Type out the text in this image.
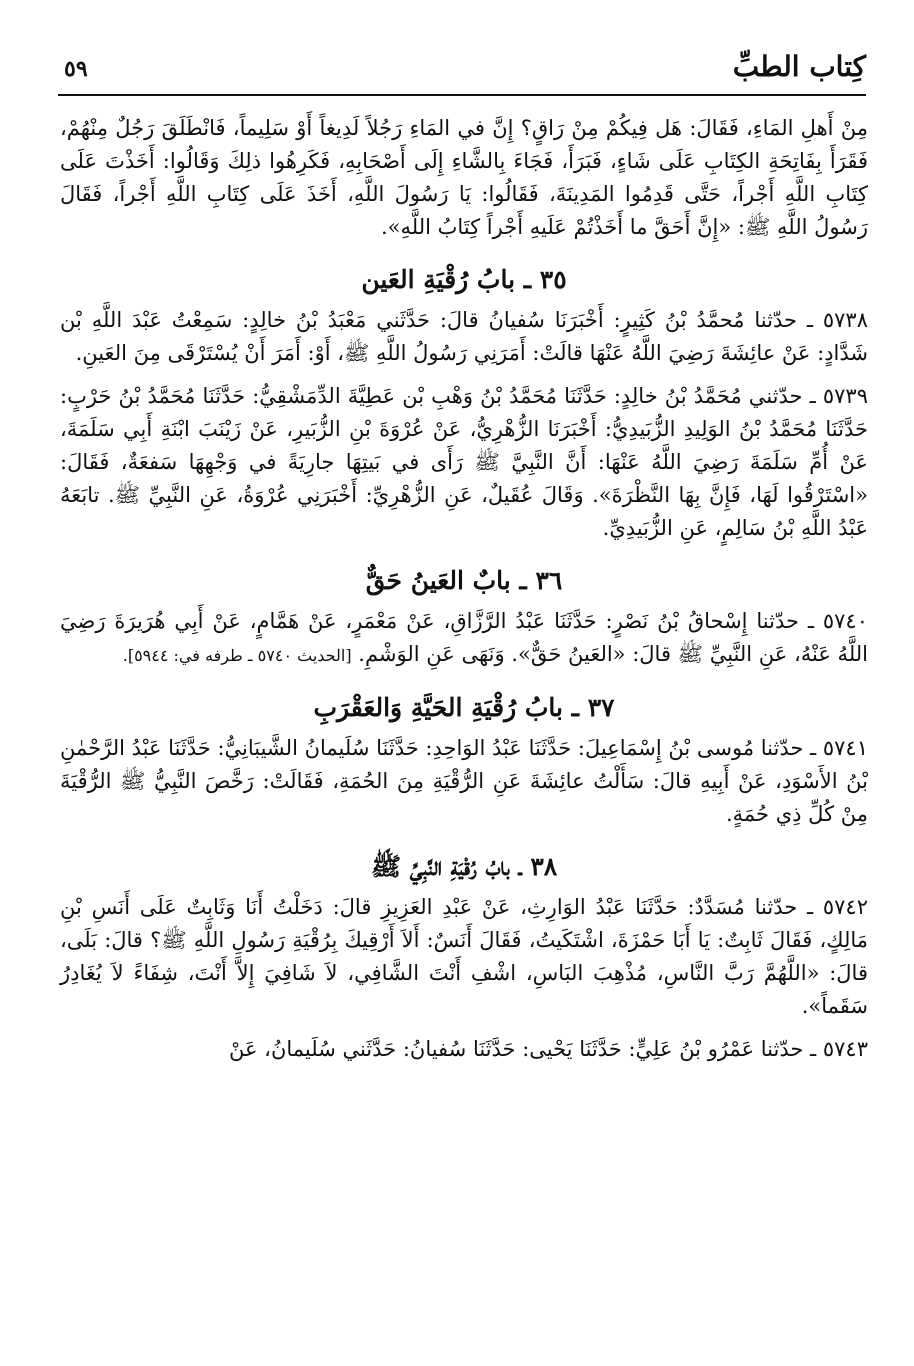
كِتاب الطبِّ
٥٩

مِنْ أَهلِ المَاءِ، فَقَالَ: هَل فِيكُمْ مِنْ رَاقٍ؟ إِنَّ في المَاءِ رَجُلاً لَدِيغاً أَوْ سَلِيماً، فَانْطَلَقَ رَجُلٌ مِنْهُمْ، فَقَرَأَ بِفَاتِحَةِ الكِتَابِ عَلَى شَاءٍ، فَبَرَأَ، فَجَاءَ بِالشَّاءِ إِلَى أَصْحَابِهِ، فَكَرِهُوا ذلِكَ وَقَالُوا: أَخَذْتَ عَلَى كِتَابِ اللَّهِ أَجْراً، حَتَّى قَدِمُوا المَدِينَةَ، فَقَالُوا: يَا رَسُولَ اللَّهِ، أَخَذَ عَلَى كِتَابِ اللَّهِ أَجْراً، فَقَالَ رَسُولُ اللَّهِ ﷺ: «إِنَّ أَحَقَّ ما أَخَذْتُمْ عَلَيهِ أَجْراً كِتَابُ اللَّهِ».

٣٥ ـ بابُ رُقْيَةِ العَين

٥٧٣٨ ـ حدّثنا مُحمَّدُ بْنُ كَثِيرٍ: أَخْبَرَنَا سُفيانُ قالَ: حَدَّثَني مَعْبَدُ بْنُ خالِدٍ: سَمِعْتُ عَبْدَ اللَّهِ بْن شَدَّادٍ: عَنْ عائِشَةَ رَضِيَ اللَّهُ عَنْهَا قالَتْ: أَمَرَنِي رَسُولُ اللَّهِ ﷺ، أَوْ: أَمَرَ أَنْ يُسْتَرْقَى مِنَ العَينِ.

٥٧٣٩ ـ حدّثني مُحَمَّدُ بْنُ خالِدٍ: حَدَّثَنَا مُحَمَّدُ بْنُ وَهْبِ بْن عَطِيَّةَ الدِّمَشْقِيُّ: حَدَّثَنَا مُحَمَّدُ بْنُ حَرْبٍ: حَدَّثَنَا مُحَمَّدُ بْنُ الوَلِيدِ الزُّبَيدِيُّ: أَخْبَرَنَا الزُّهْرِيُّ، عَنْ عُرْوَةَ بْنِ الزُّبَيرِ، عَنْ زَيْنَبَ ابْنَةِ أَبِي سَلَمَةَ، عَنْ أُمِّ سَلَمَةَ رَضِيَ اللَّهُ عَنْهَا: أَنَّ النَّبِيَّ ﷺ رَأَى في بَيتِهَا جارِيَةً في وَجْهِهَا سَفعَةٌ، فَقَالَ: «اسْتَرْقُوا لَهَا، فَإِنَّ بِهَا النَّظْرَةَ». وَقَالَ عُقَيلٌ، عَنِ الزُّهْرِيِّ: أَخْبَرَنِي عُرْوَةُ، عَنِ النَّبِيِّ ﷺ. تابَعَهُ عَبْدُ اللَّهِ بْنُ سَالِمٍ، عَنِ الزُّبَيدِيِّ.

٣٦ ـ بابٌ العَينُ حَقٌّ

٥٧٤٠ ـ حدّثنا إِسْحاقُ بْنُ نَصْرٍ: حَدَّثَنَا عَبْدُ الرَّزَّاقِ، عَنْ مَعْمَرٍ، عَنْ هَمَّامٍ، عَنْ أَبِي هُرَيرَةَ رَضِيَ اللَّهُ عَنْهُ، عَنِ النَّبِيِّ ﷺ قالَ: «العَينُ حَقٌّ». وَنَهَى عَنِ الوَشْمِ. [الحديث ٥٧٤٠ ـ طرفه في: ٥٩٤٤].

٣٧ ـ بابُ رُقْيَةِ الحَيَّةِ وَالعَقْرَبِ

٥٧٤١ ـ حدّثنا مُوسى بْنُ إِسْمَاعِيلَ: حَدَّثَنَا عَبْدُ الوَاحِدِ: حَدَّثَنَا سُلَيمانُ الشَّيبَانِيُّ: حَدَّثَنَا عَبْدُ الرَّحْمٰنِ بْنُ الأَسْوَدِ، عَنْ أَبِيهِ قالَ: سَأَلْتُ عائِشَةَ عَنِ الرُّقْيَةِ مِنَ الحُمَةِ، فَقَالَتْ: رَخَّصَ النَّبِيُّ ﷺ الرُّقْيَةَ مِنْ كُلِّ ذِي حُمَةٍ.

٣٨ ـ بابُ رُقْيَةِ النَّبِيِّ ﷺ

٥٧٤٢ ـ حدّثنا مُسَدَّدٌ: حَدَّثَنَا عَبْدُ الوَارِثِ، عَنْ عَبْدِ العَزِيزِ قالَ: دَخَلْتُ أَنَا وَثَابِتٌ عَلَى أَنَسِ بْنِ مَالِكٍ، فَقَالَ ثَابِتٌ: يَا أَبَا حَمْزَةَ، اشْتَكَيتُ، فَقَالَ أَنَسٌ: أَلاَ أَرْقِيكَ بِرُقْيَةِ رَسُولِ اللَّهِ ﷺ؟ قالَ: بَلَى، قالَ: «اللَّهُمَّ رَبَّ النَّاسِ، مُذْهِبَ البَاسِ، اشْفِ أَنْتَ الشَّافِي، لاَ شَافِيَ إِلاَّ أَنْتَ، شِفَاءً لاَ يُغَادِرُ سَقَماً».

٥٧٤٣ ـ حدّثنا عَمْرُو بْنُ عَلِيٍّ: حَدَّثَنَا يَحْيى: حَدَّثَنَا سُفيانُ: حَدَّثَني سُلَيمانُ، عَنْ
